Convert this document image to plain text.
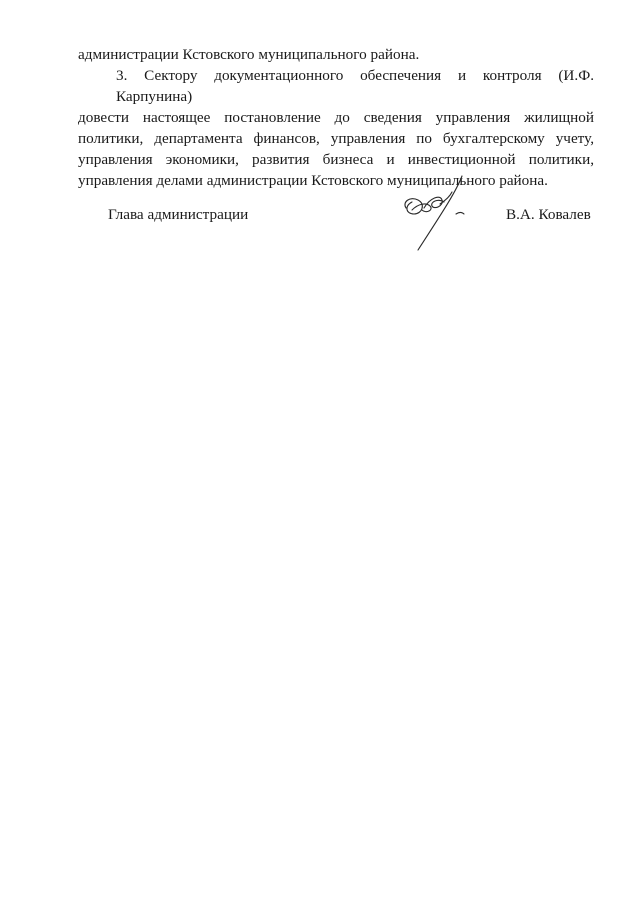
администрации Кстовского муниципального района.
3. Сектору документационного обеспечения и контроля (И.Ф. Карпунина)
довести настоящее постановление до сведения управления жилищной
политики, департамента финансов, управления по бухгалтерскому учету,
управления экономики, развития бизнеса и инвестиционной политики,
управления делами администрации Кстовского муниципального района.
Глава администрации	В.А. Ковалев
